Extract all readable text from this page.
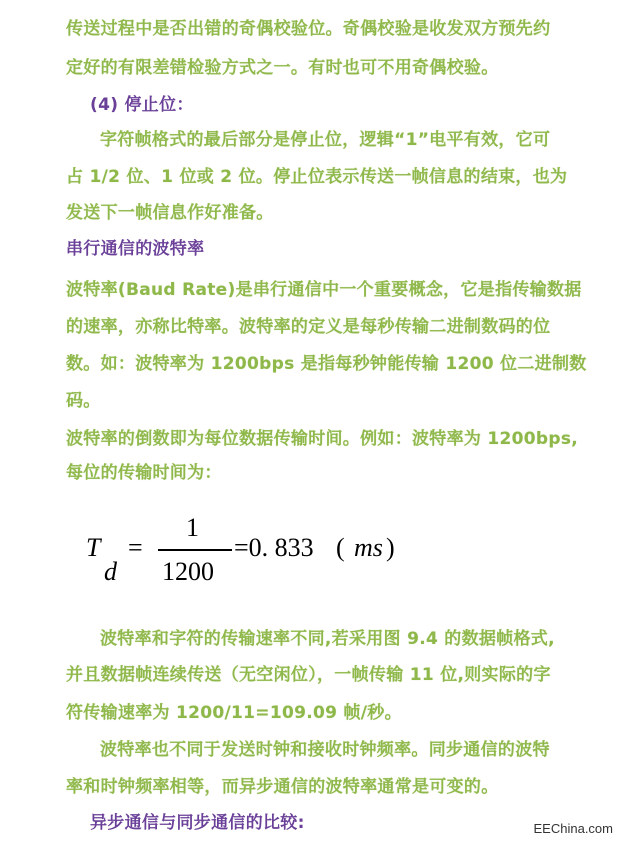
传送过程中是否出错的奇偶校验位。奇偶校验是收发双方预先约
定好的有限差错检验方式之一。有时也可不用奇偶校验。
(4) 停止位：
字符帧格式的最后部分是停止位，逻辑“1”电平有效，它可
占 1/2 位、1 位或 2 位。停止位表示传送一帧信息的结束，也为
发送下一帧信息作好准备。
串行通信的波特率
波特率(Baud Rate)是串行通信中一个重要概念，它是指传输数据
的速率，亦称比特率。波特率的定义是每秒传输二进制数码的位
数。如：波特率为 1200bps 是指每秒钟能传输 1200 位二进制数
码。
波特率的倒数即为每位数据传输时间。例如：波特率为 1200bps,
每位的传输时间为：
T
d
=
1
1200
=0. 833 ( ms )
波特率和字符的传输速率不同,若采用图 9.4 的数据帧格式,
并且数据帧连续传送（无空闲位），一帧传输 11 位,则实际的字
符传输速率为 1200/11=109.09 帧/秒。
波特率也不同于发送时钟和接收时钟频率。同步通信的波特
率和时钟频率相等，而异步通信的波特率通常是可变的。
异步通信与同步通信的比较:	EEChina.com
